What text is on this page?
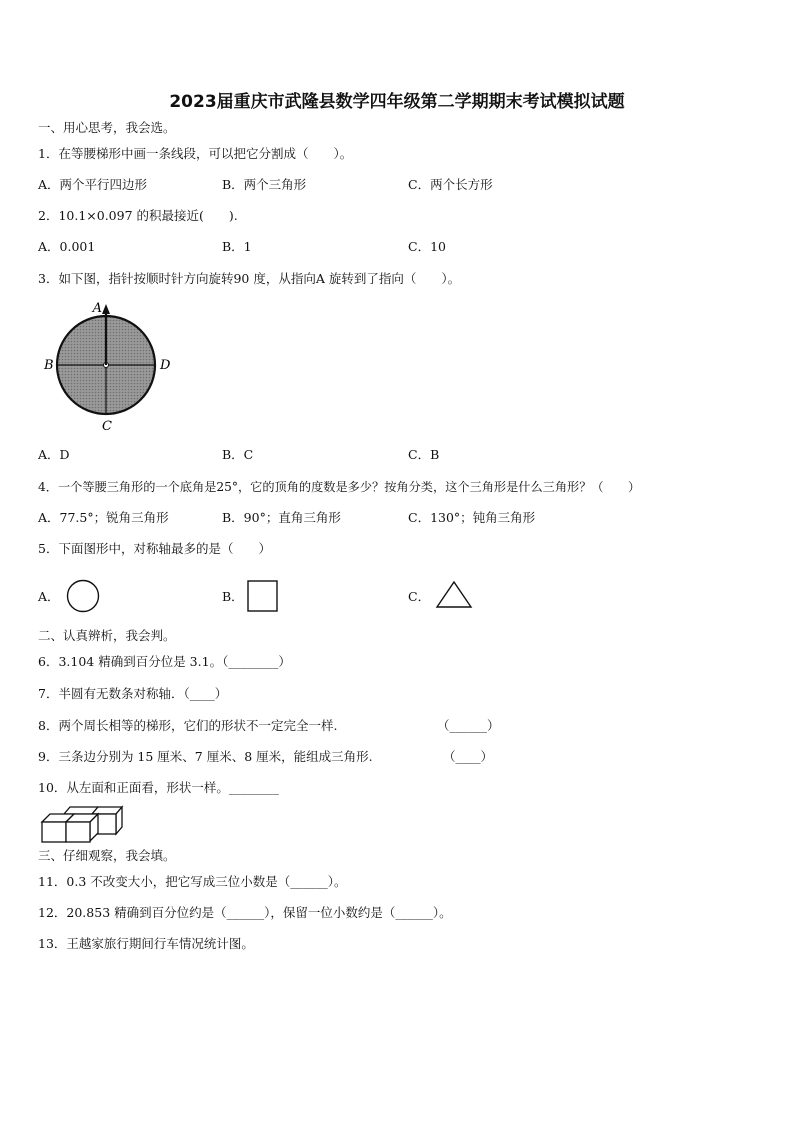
2023届重庆市武隆县数学四年级第二学期期末考试模拟试题
一、用心思考，我会选。
1．在等腰梯形中画一条线段，可以把它分割成（　　）。
A．两个平行四边形	B．两个三角形	C．两个长方形
2．10.1×0.097 的积最接近(　　).
A．0.001	B．1	C．10
3．如下图，指针按顺时针方向旋转90 度，从指向A 旋转到了指向（　　）。
A
B	D
C
A．D	B．C	C．B
4．一个等腰三角形的一个底角是25°，它的顶角的度数是多少？按角分类，这个三角形是什么三角形？（　　）
A．77.5°；锐角三角形	B．90°；直角三角形	C．130°；钝角三角形
5．下面图形中，对称轴最多的是（　　）
A．	B．	C．
二、认真辨析，我会判。
6．3.104 精确到百分位是 3.1。（________）
7．半圆有无数条对称轴．（____）
8．两个周长相等的梯形，它们的形状不一定完全一样.	（______）
9．三条边分别为 15 厘米、7 厘米、8 厘米，能组成三角形.	（____）
10．从左面和正面看，形状一样。________
三、仔细观察，我会填。
11．0.3 不改变大小，把它写成三位小数是（______）。
12．20.853 精确到百分位约是（______），保留一位小数约是（______）。
13．王越家旅行期间行车情况统计图。
